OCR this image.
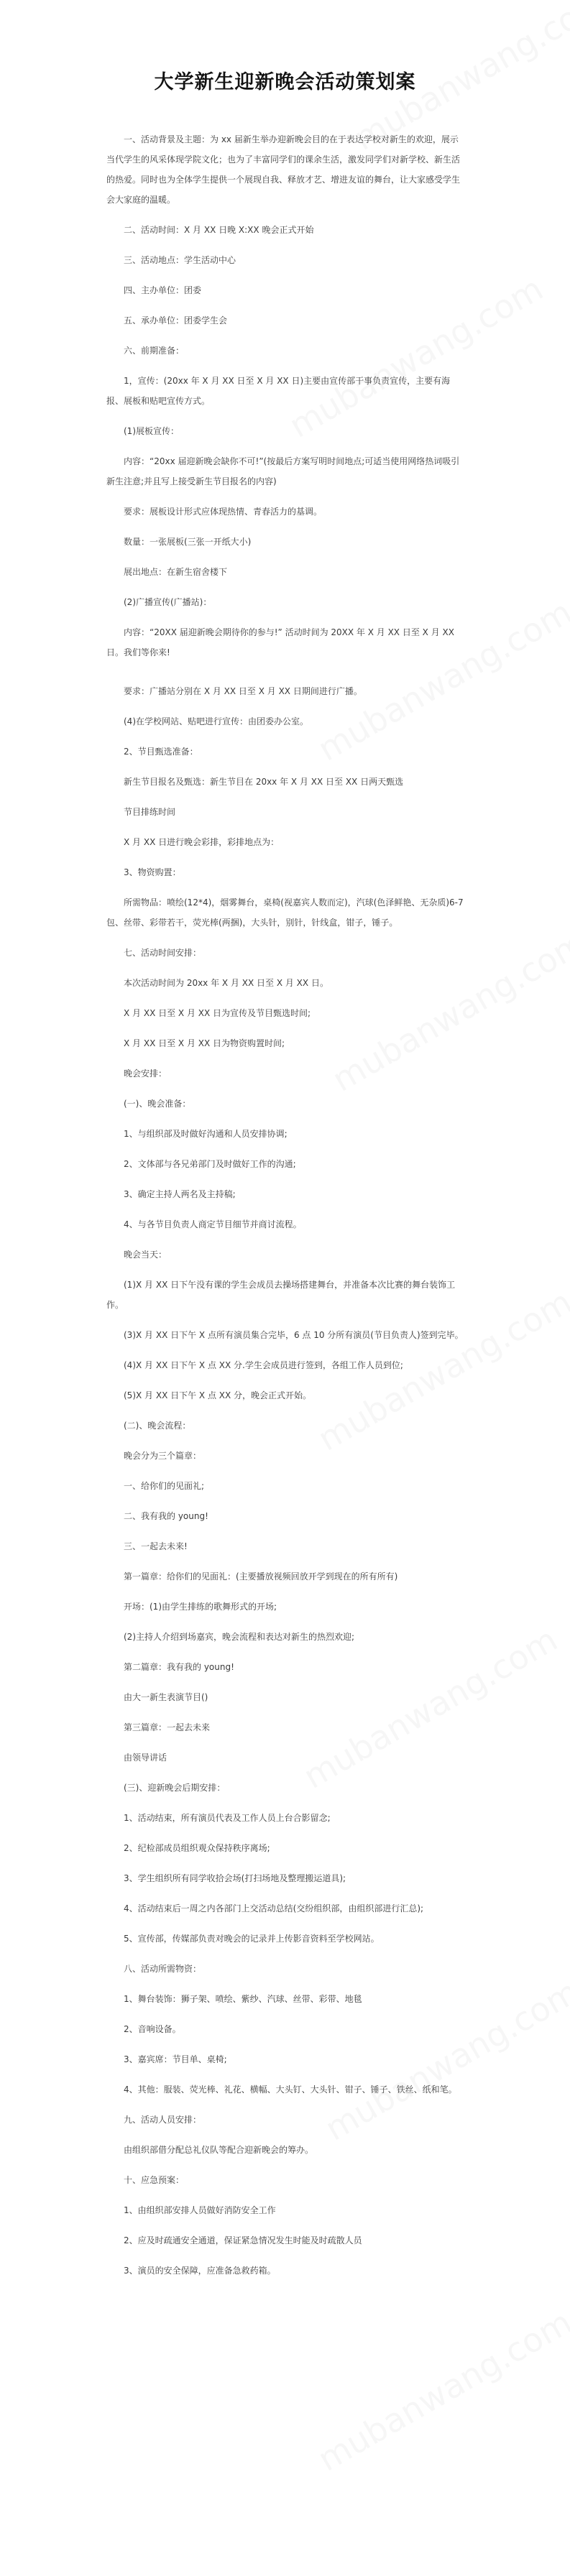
大学新生迎新晚会活动策划案

一、活动背景及主题：为 xx 届新生举办迎新晚会目的在于表达学校对新生的欢迎，展示当代学生的风采体现学院文化；也为了丰富同学们的课余生活，激发同学们对新学校、新生活的热爱。同时也为全体学生提供一个展现自我、释放才艺、增进友谊的舞台，让大家感受学生会大家庭的温暖。

二、活动时间：X 月 XX 日晚 X:XX 晚会正式开始

三、活动地点：学生活动中心

四、主办单位：团委

五、承办单位：团委学生会

六、前期准备：

1，宣传：(20xx 年 X 月 XX 日至 X 月 XX 日)主要由宣传部干事负责宣传，主要有海报、展板和贴吧宣传方式。

(1)展板宣传：

内容：“20xx 届迎新晚会缺你不可!”(按最后方案写明时间地点;可适当使用网络热词吸引新生注意;并且写上接受新生节目报名的内容)

要求：展板设计形式应体现热情、青春活力的基调。

数量：一张展板(三张一开纸大小)

展出地点：在新生宿舍楼下

(2)广播宣传(广播站)：

内容：“20XX 届迎新晚会期待你的参与!” 活动时间为 20XX 年 X 月 XX 日至 X 月 XX 日。我们等你来!

要求：广播站分别在 X 月 XX 日至 X 月 XX 日期间进行广播。

(4)在学校网站、贴吧进行宣传：由团委办公室。

2、节目甄选准备：

新生节目报名及甄选：新生节目在 20xx 年 X 月 XX 日至 XX 日两天甄选

节目排练时间

X 月 XX 日进行晚会彩排，彩排地点为：

3、物资购置：

所需物品：喷绘(12*4)，烟雾舞台，桌椅(视嘉宾人数而定)，汽球(色泽鲜艳、无杂质)6-7 包、丝带、彩带若干，荧光棒(两捆)，大头针，别针，针线盒，钳子，锤子。

七、活动时间安排：

本次活动时间为 20xx 年 X 月 XX 日至 X 月 XX 日。

X 月 XX 日至 X 月 XX 日为宣传及节目甄选时间;

X 月 XX 日至 X 月 XX 日为物资购置时间;

晚会安排：

(一)、晚会准备：

1、与组织部及时做好沟通和人员安排协调;

2、文体部与各兄弟部门及时做好工作的沟通;

3、确定主持人两名及主持稿;

4、与各节目负责人商定节目细节并商讨流程。

晚会当天：

(1)X 月 XX 日下午没有课的学生会成员去操场搭建舞台，并准备本次比赛的舞台装饰工作。

(3)X 月 XX 日下午 X 点所有演员集合完毕，6 点 10 分所有演员(节目负责人)签到完毕。

(4)X 月 XX 日下午 X 点 XX 分.学生会成员进行签到，各组工作人员到位;

(5)X 月 XX 日下午 X 点 XX 分，晚会正式开始。

(二)、晚会流程：

晚会分为三个篇章：

一、给你们的见面礼;

二、我有我的 young!

三、一起去未来!

第一篇章：给你们的见面礼：(主要播放视频回放开学到现在的所有所有)

开场：(1)由学生排练的歌舞形式的开场;

(2)主持人介绍到场嘉宾，晚会流程和表达对新生的热烈欢迎;

第二篇章：我有我的 young!

由大一新生表演节目()

第三篇章：一起去未来

由领导讲话

(三)、迎新晚会后期安排：

1、活动结束，所有演员代表及工作人员上台合影留念;

2、纪检部成员组织观众保持秩序离场;

3、学生组织所有同学收拾会场(打扫场地及整理搬运道具);

4、活动结束后一周之内各部门上交活动总结(交纷组织部，由组织部进行汇总);

5、宣传部，传媒部负责对晚会的记录并上传影音资料至学校网站。

八、活动所需物资：

1、舞台装饰：狮子架、喷绘、紫纱、汽球、丝带、彩带、地毯

2、音响设备。

3、嘉宾席：节目单、桌椅;

4、其他：服装、荧光棒、礼花、横幅、大头钉、大头针、钳子、锤子、铁丝、纸和笔。

九、活动人员安排：

由组织部借分配总礼仪队等配合迎新晚会的筹办。

十、应急预案：

1、由组织部安排人员做好消防安全工作

2、应及时疏通安全通道，保证紧急情况发生时能及时疏散人员

3、演员的安全保障，应准备急救药箱。
